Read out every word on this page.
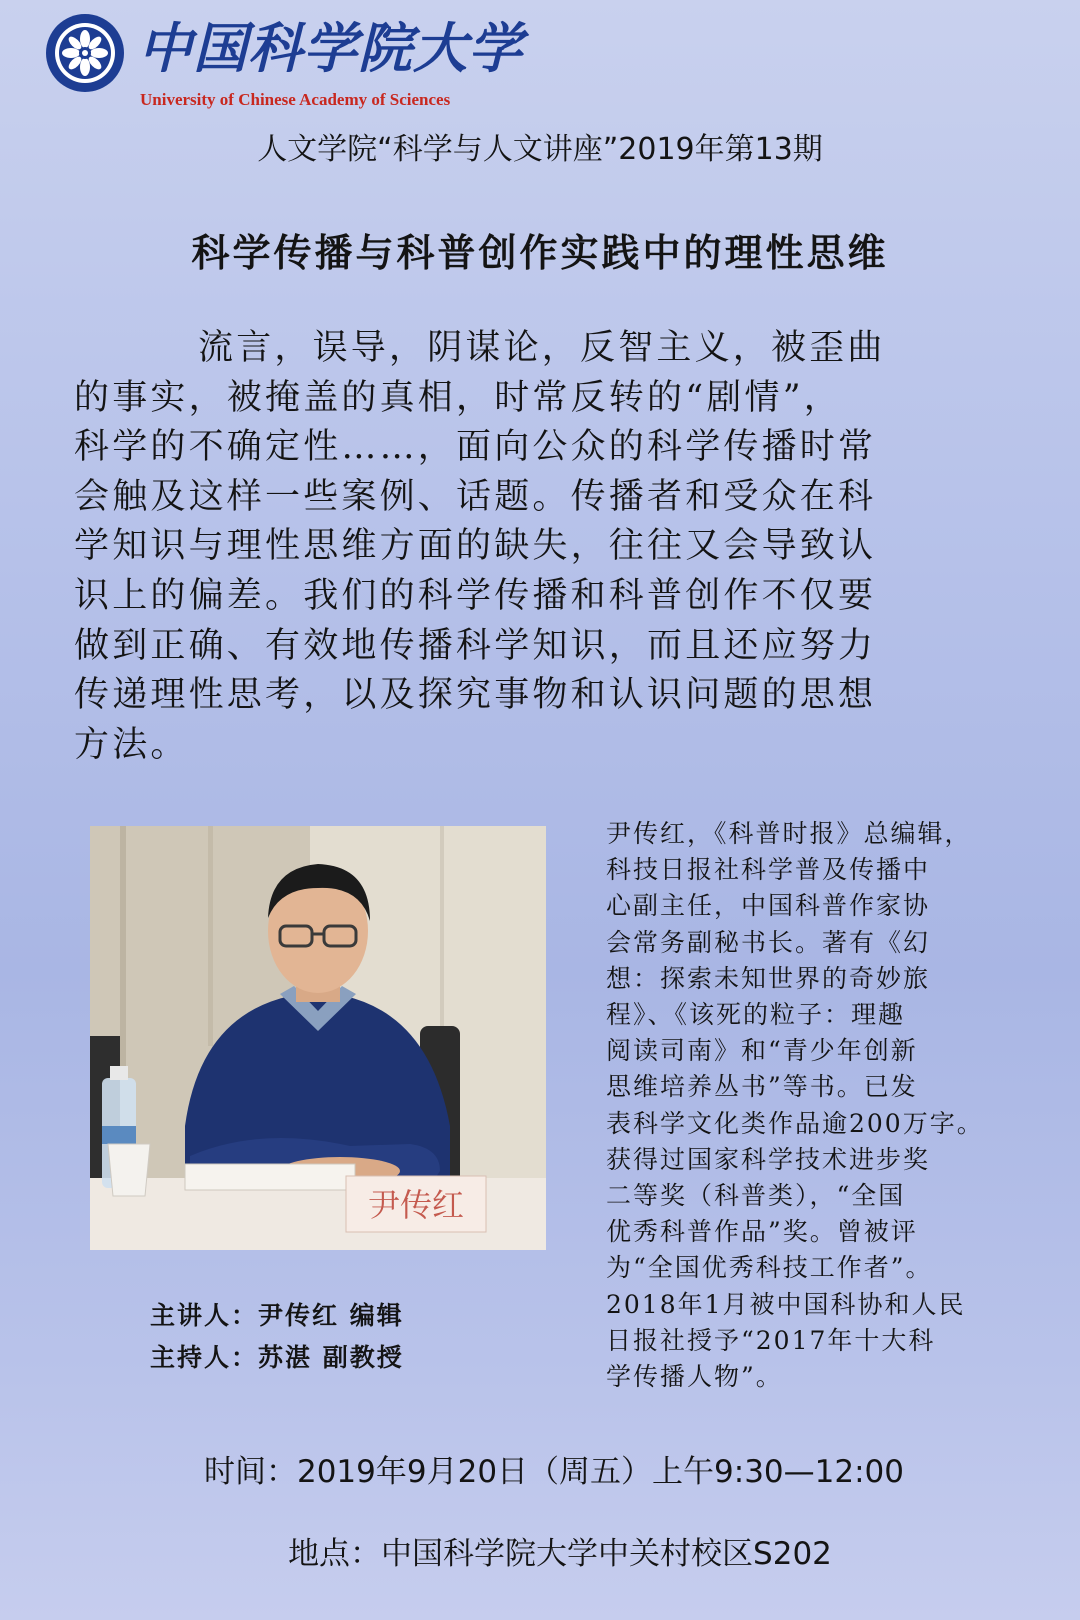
中国科学院大学
University of Chinese Academy of Sciences
人文学院“科学与人文讲座”2019年第13期
科学传播与科普创作实践中的理性思维
流言，误导，阴谋论，反智主义，被歪曲
的事实，被掩盖的真相，时常反转的“剧情”，
科学的不确定性……，面向公众的科学传播时常
会触及这样一些案例、话题。传播者和受众在科
学知识与理性思维方面的缺失，往往又会导致认
识上的偏差。我们的科学传播和科普创作不仅要
做到正确、有效地传播科学知识，而且还应努力
传递理性思考，以及探究事物和认识问题的思想
方法。
尹传红
尹传红，《科普时报》总编辑，
科技日报社科学普及传播中
心副主任，中国科普作家协
会常务副秘书长。著有《幻
想：探索未知世界的奇妙旅
程》、《该死的粒子：理趣
阅读司南》和“青少年创新
思维培养丛书”等书。已发
表科学文化类作品逾200万字。
获得过国家科学技术进步奖
二等奖（科普类），“全国
优秀科普作品”奖。曾被评
为“全国优秀科技工作者”。
2018年1月被中国科协和人民
日报社授予“2017年十大科
学传播人物”。
主讲人：尹传红 编辑
主持人：苏湛 副教授
时间：2019年9月20日（周五）上午9:30—12:00
地点：中国科学院大学中关村校区S202
